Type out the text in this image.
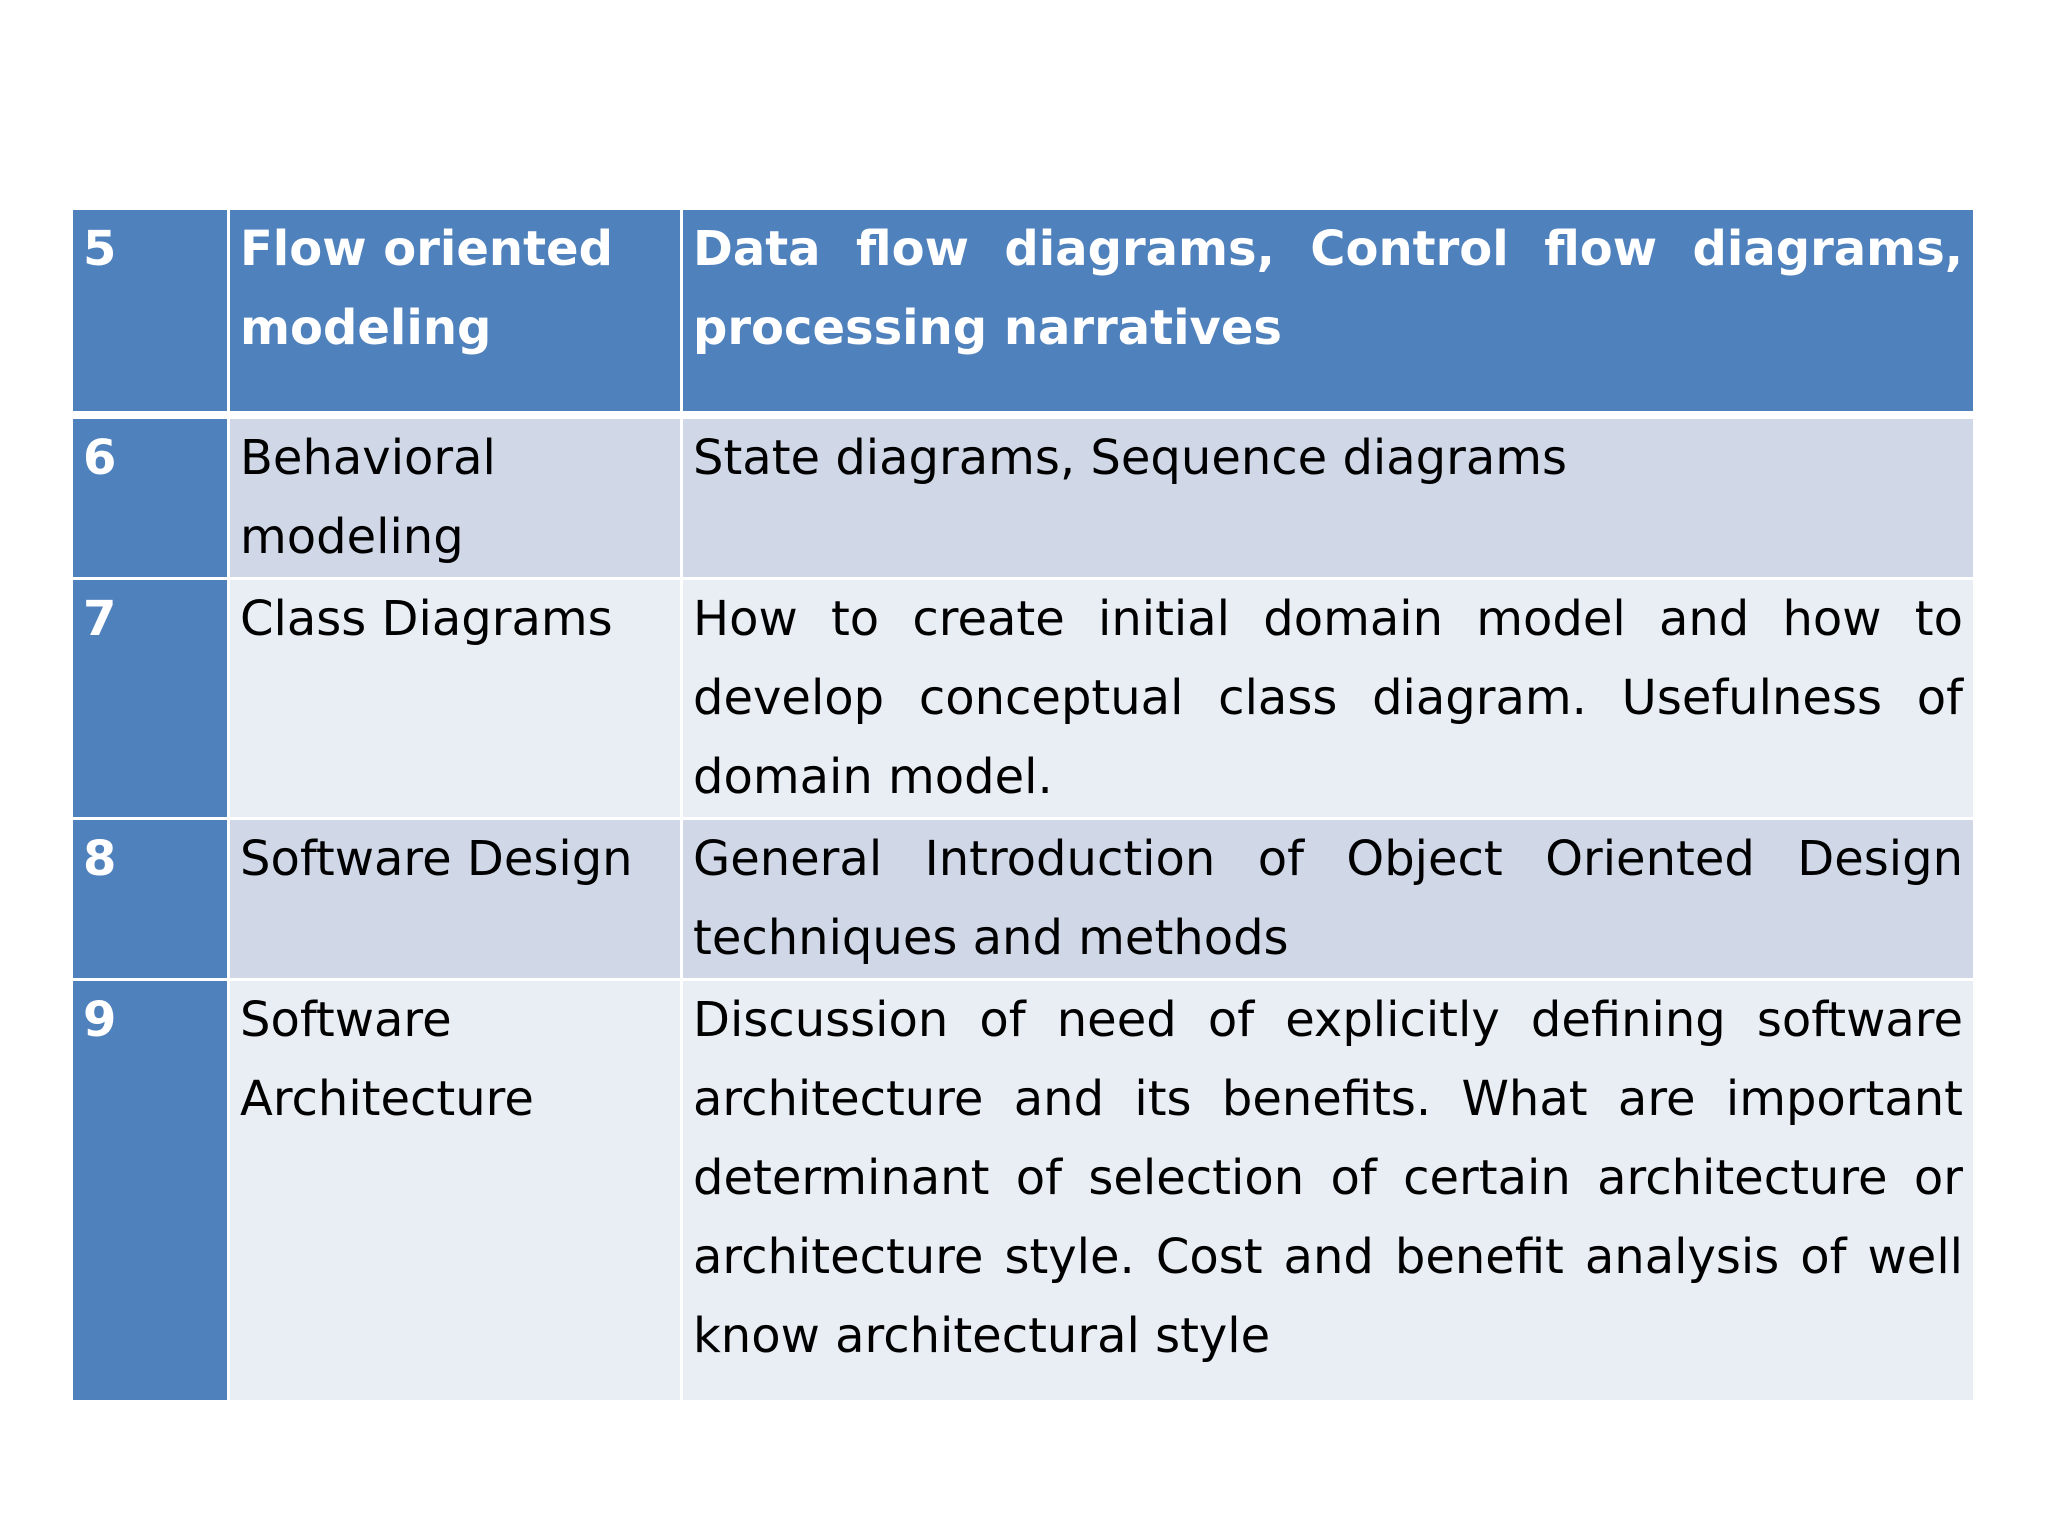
5	Flow oriented modeling	Data flow diagrams, Control flow diagrams, processing narratives
6	Behavioral modeling	State diagrams, Sequence diagrams
7	Class Diagrams	How to create initial domain model and how to develop conceptual class diagram. Usefulness of domain model.
8	Software Design	General Introduction of Object Oriented Design techniques and methods
9	Software Architecture	Discussion of need of explicitly defining software architecture and its benefits. What are important determinant of selection of certain architecture or architecture style. Cost and benefit analysis of well know architectural style
